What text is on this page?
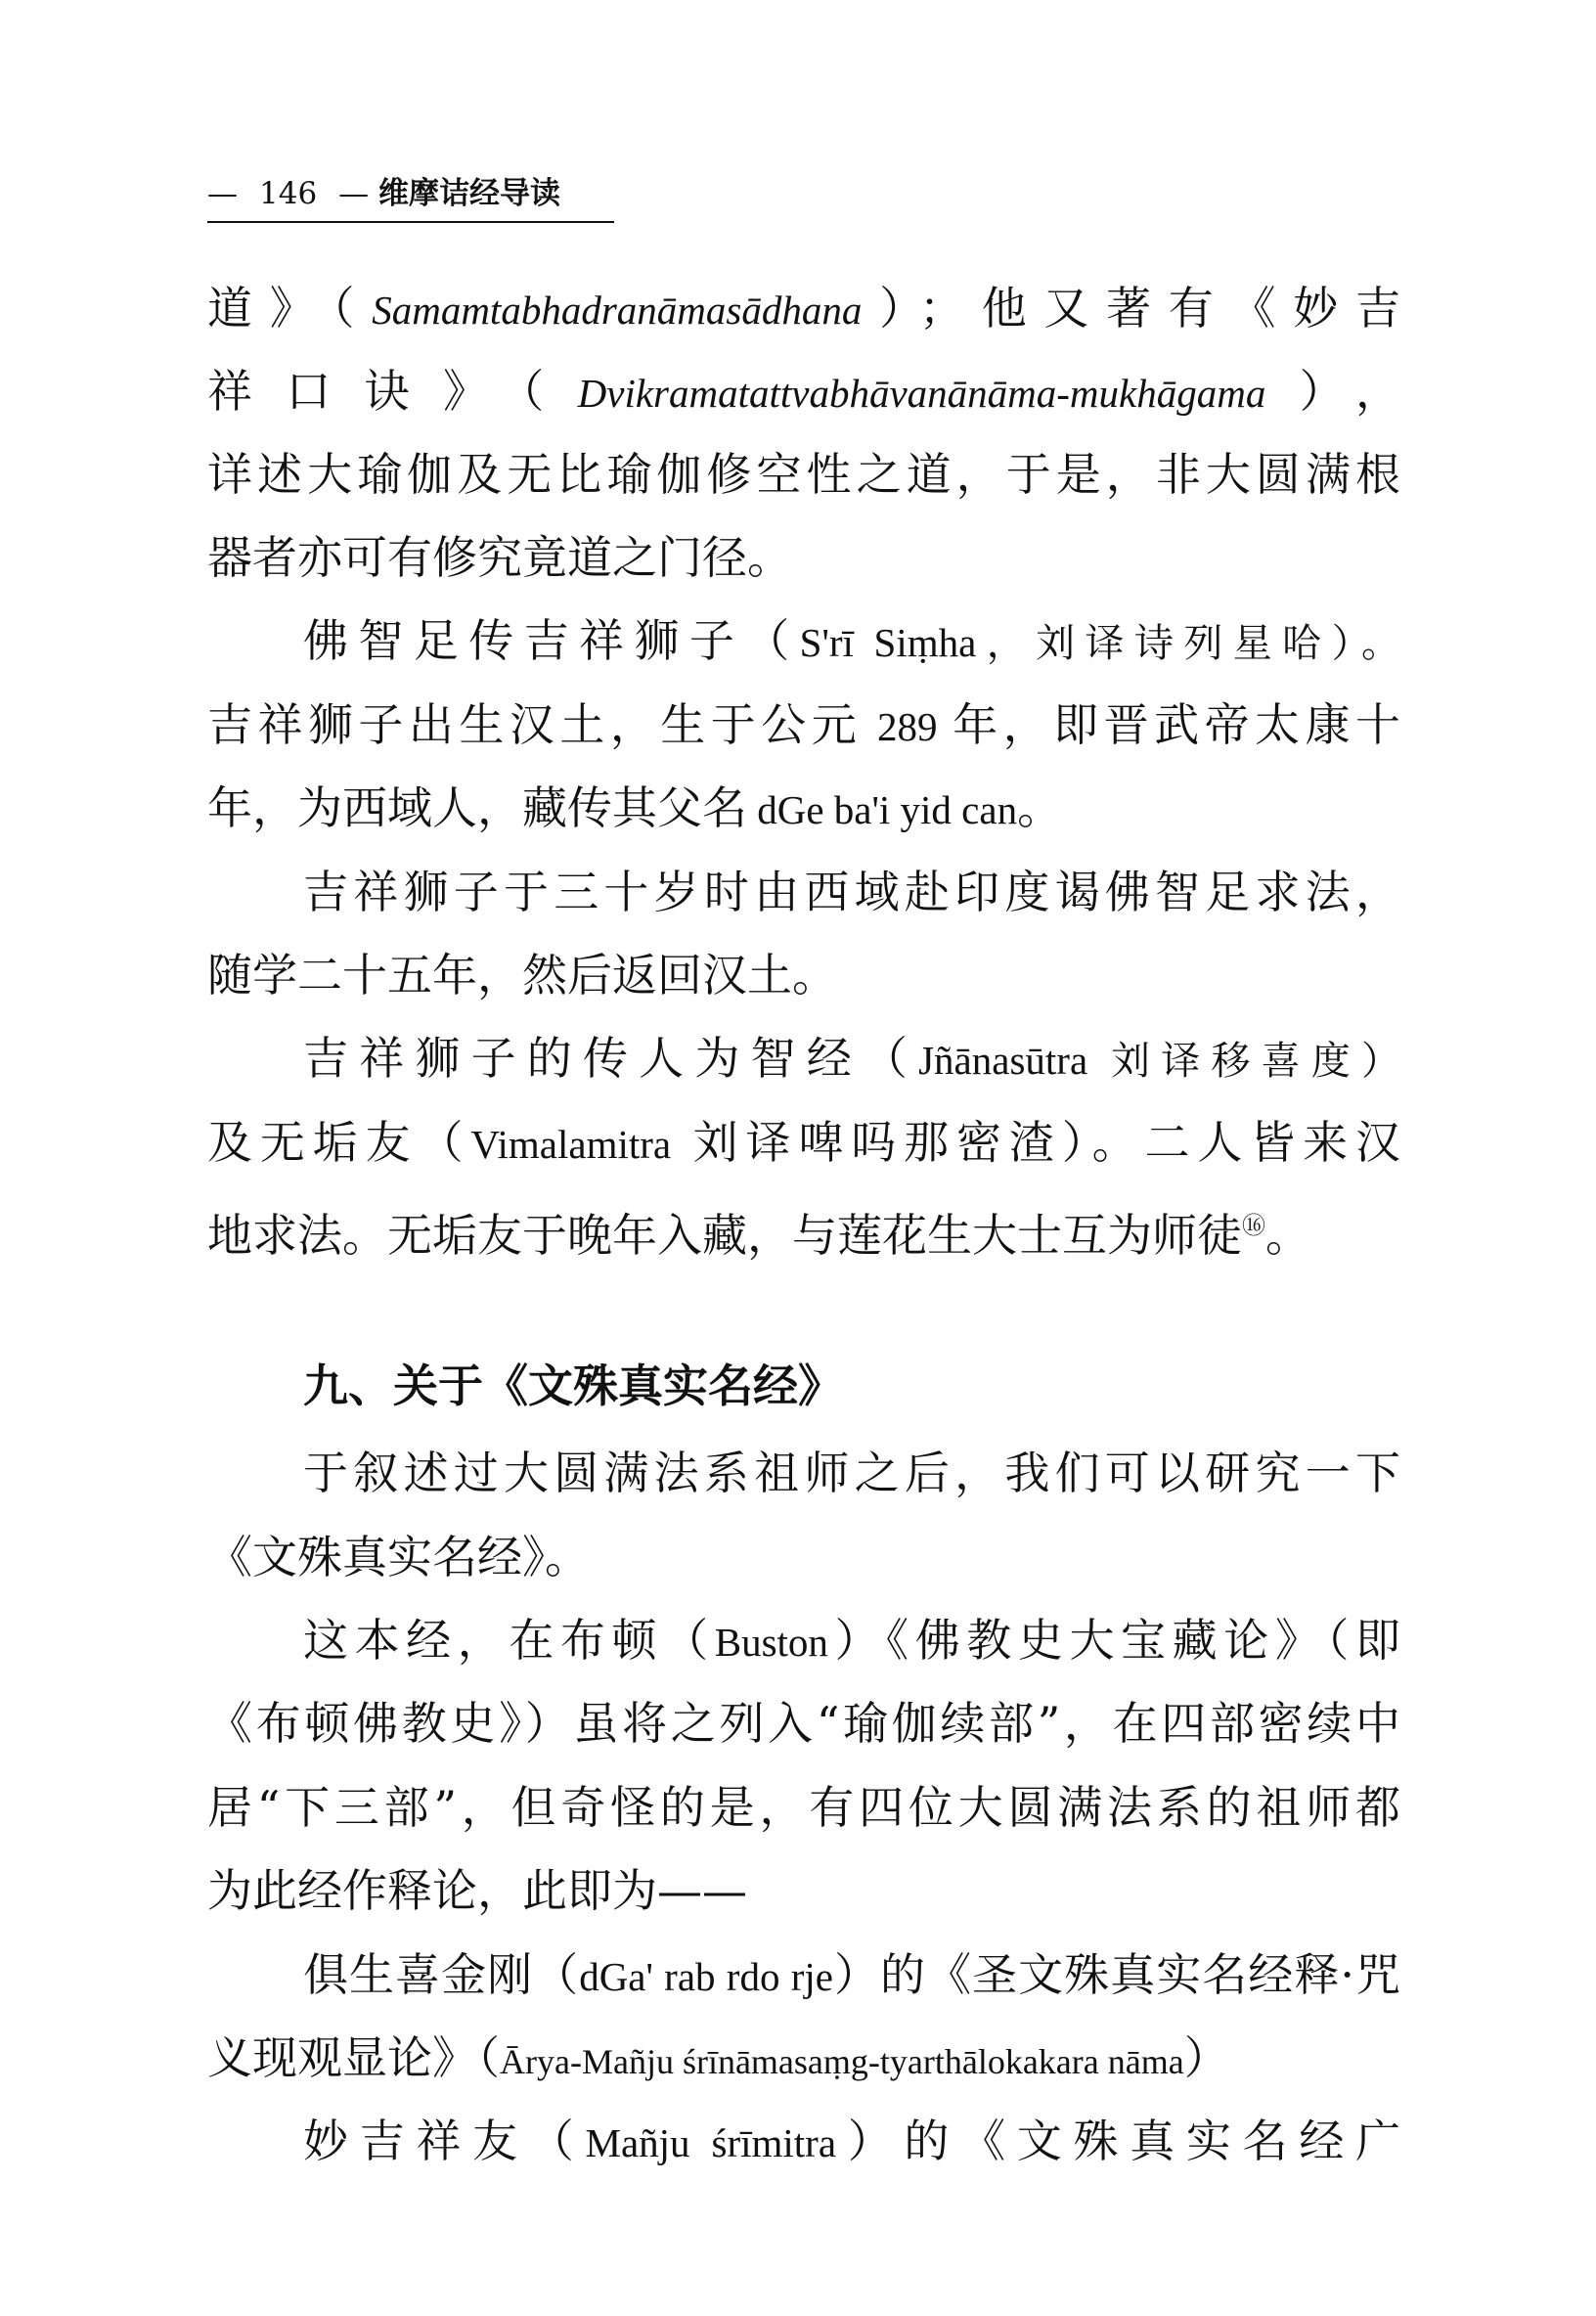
— 146 — 维摩诘经导读
道》（Samamtabhadranāmasādhana）；他又著有《妙吉
祥口诀》（Dvikramatattvabhāvanānāma-mukhāgama），
详述大瑜伽及无比瑜伽修空性之道，于是，非大圆满根
器者亦可有修究竟道之门径。
佛智足传吉祥狮子（S'rī Siṃha，刘译诗列星哈）。
吉祥狮子出生汉土，生于公元 289 年，即晋武帝太康十
年，为西域人，藏传其父名 dGe ba'i yid can。
吉祥狮子于三十岁时由西域赴印度谒佛智足求法，
随学二十五年，然后返回汉土。
吉祥狮子的传人为智经（Jñānasūtra 刘译移喜度）
及无垢友（Vimalamitra 刘译啤吗那密渣）。二人皆来汉
地求法。无垢友于晚年入藏，与莲花生大士互为师徒⑯。
九、关于《文殊真实名经》
于叙述过大圆满法系祖师之后，我们可以研究一下
《文殊真实名经》。
这本经，在布顿（Buston）《佛教史大宝藏论》（即
《布顿佛教史》）虽将之列入“瑜伽续部”，在四部密续中
居“下三部”，但奇怪的是，有四位大圆满法系的祖师都
为此经作释论，此即为——
俱生喜金刚（dGa' rab rdo rje）的《圣文殊真实名经释·咒
义现观显论》（Ārya-Mañju śrīnāmasaṃg-tyarthālokakara nāma）
妙吉祥友（Mañju śrīmitra）的《文殊真实名经广
